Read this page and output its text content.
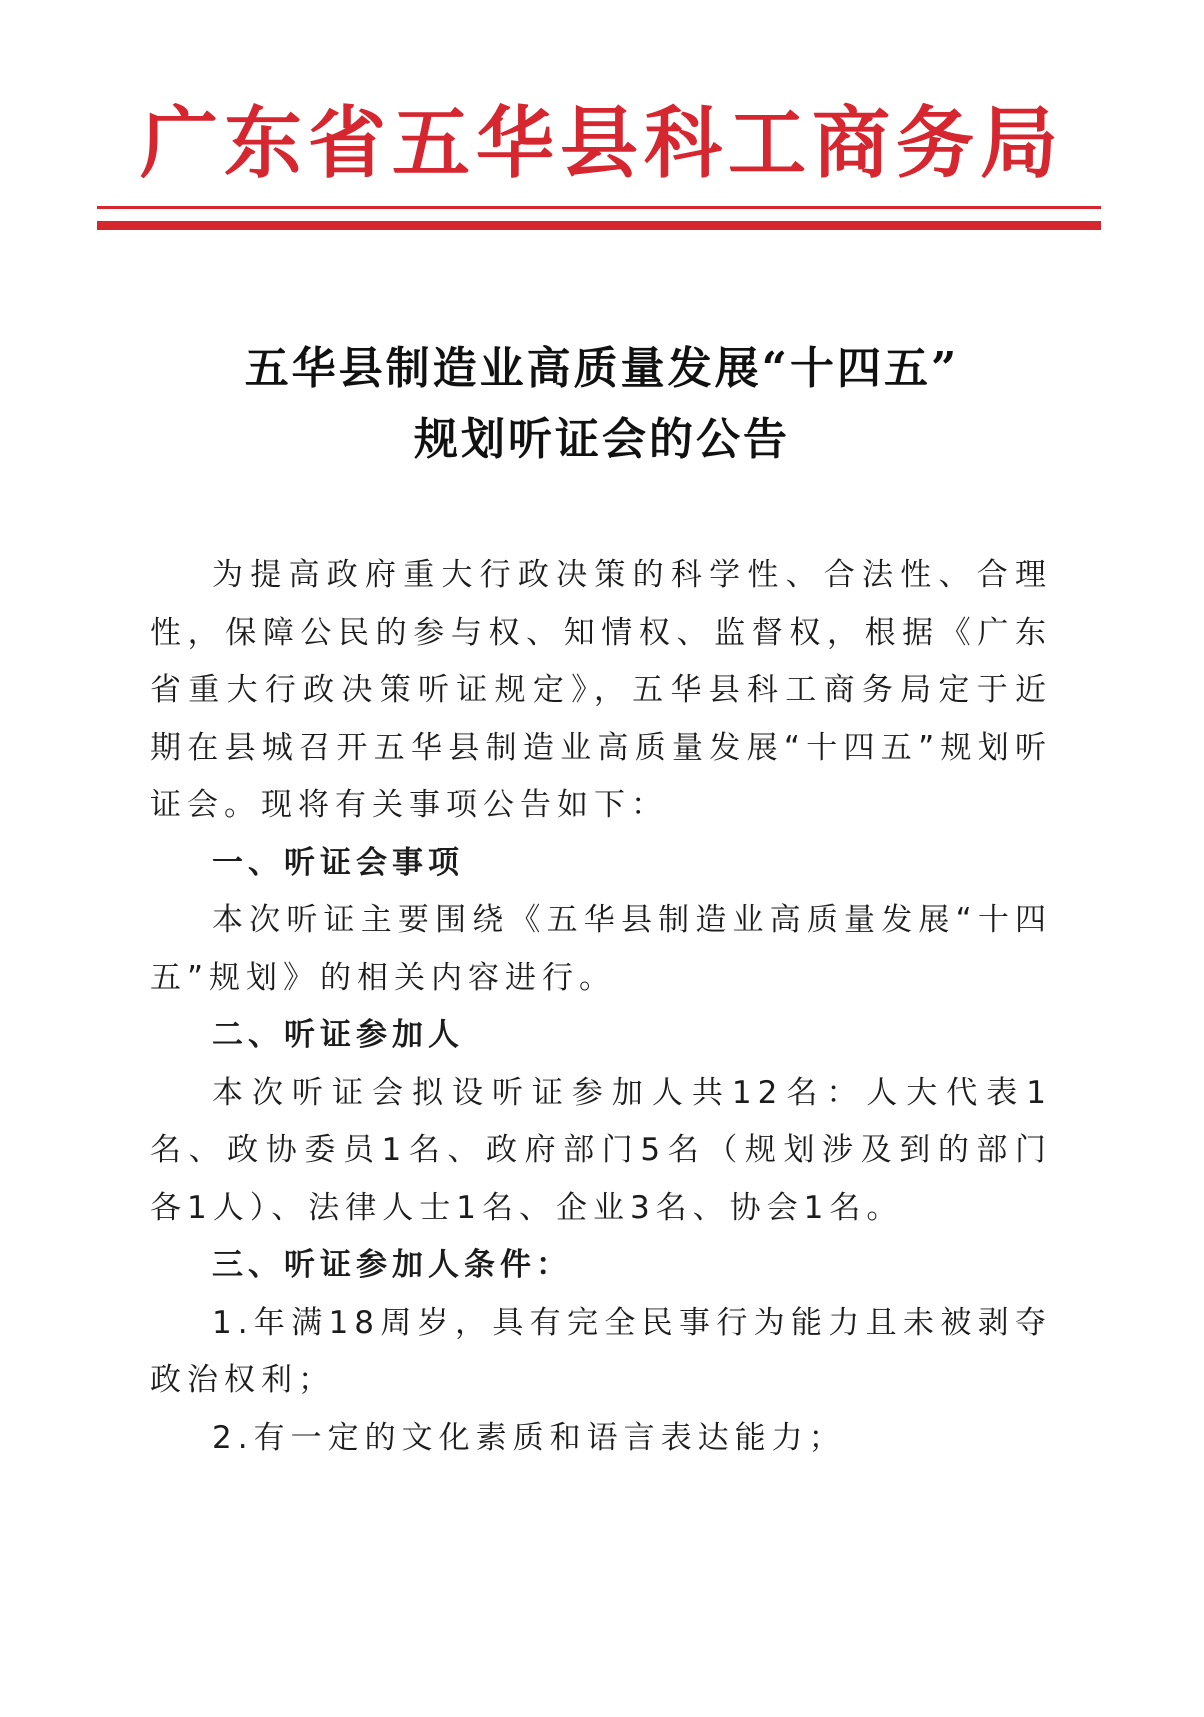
广东省五华县科工商务局
五华县制造业高质量发展“十四五”
规划听证会的公告

为提高政府重大行政决策的科学性、合法性、合理性，保障公民的参与权、知情权、监督权，根据《广东省重大行政决策听证规定》，五华县科工商务局定于近期在县城召开五华县制造业高质量发展“十四五”规划听证会。现将有关事项公告如下：

一、听证会事项

本次听证主要围绕《五华县制造业高质量发展“十四五”规划》的相关内容进行。

二、听证参加人

本次听证会拟设听证参加人共12名：人大代表1名、政协委员1名、政府部门5名（规划涉及到的部门各1人）、法律人士1名、企业3名、协会1名。

三、听证参加人条件：

1.年满18周岁，具有完全民事行为能力且未被剥夺政治权利；

2.有一定的文化素质和语言表达能力；
